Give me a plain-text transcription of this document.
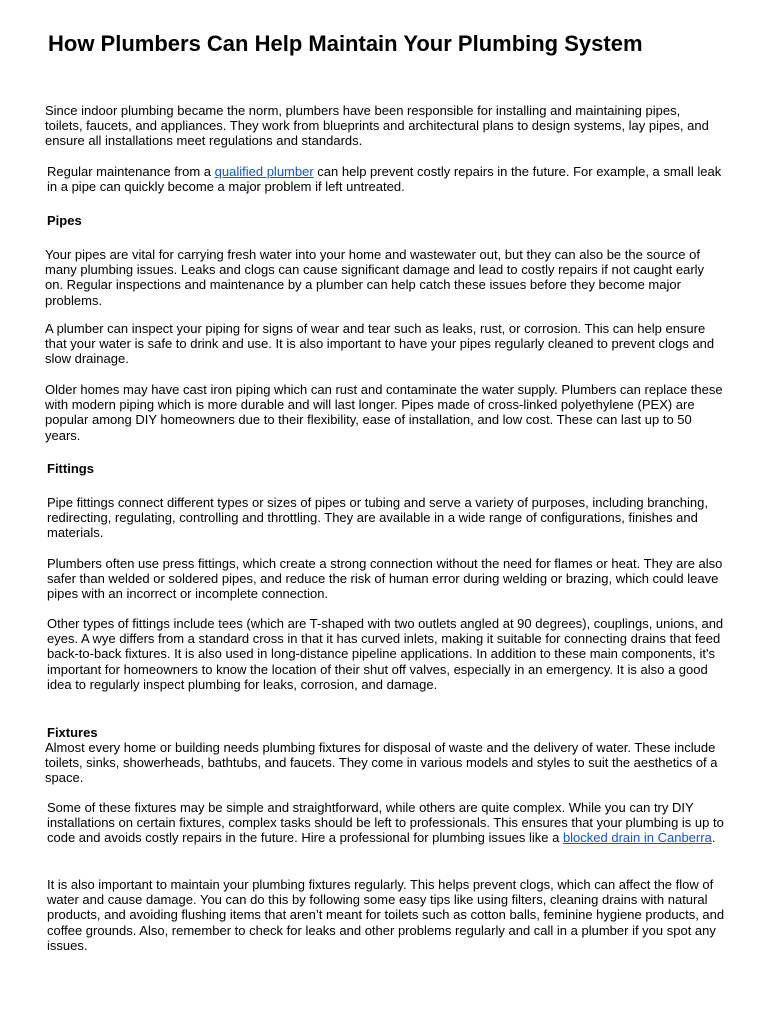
How Plumbers Can Help Maintain Your Plumbing System

Since indoor plumbing became the norm, plumbers have been responsible for installing and maintaining pipes, toilets, faucets, and appliances. They work from blueprints and architectural plans to design systems, lay pipes, and ensure all installations meet regulations and standards.

Regular maintenance from a qualified plumber can help prevent costly repairs in the future. For example, a small leak in a pipe can quickly become a major problem if left untreated.

Pipes

Your pipes are vital for carrying fresh water into your home and wastewater out, but they can also be the source of many plumbing issues. Leaks and clogs can cause significant damage and lead to costly repairs if not caught early on. Regular inspections and maintenance by a plumber can help catch these issues before they become major problems.

A plumber can inspect your piping for signs of wear and tear such as leaks, rust, or corrosion. This can help ensure that your water is safe to drink and use. It is also important to have your pipes regularly cleaned to prevent clogs and slow drainage.

Older homes may have cast iron piping which can rust and contaminate the water supply. Plumbers can replace these with modern piping which is more durable and will last longer. Pipes made of cross-linked polyethylene (PEX) are popular among DIY homeowners due to their flexibility, ease of installation, and low cost. These can last up to 50 years.

Fittings

Pipe fittings connect different types or sizes of pipes or tubing and serve a variety of purposes, including branching, redirecting, regulating, controlling and throttling. They are available in a wide range of configurations, finishes and materials.

Plumbers often use press fittings, which create a strong connection without the need for flames or heat. They are also safer than welded or soldered pipes, and reduce the risk of human error during welding or brazing, which could leave pipes with an incorrect or incomplete connection.

Other types of fittings include tees (which are T-shaped with two outlets angled at 90 degrees), couplings, unions, and eyes. A wye differs from a standard cross in that it has curved inlets, making it suitable for connecting drains that feed back-to-back fixtures. It is also used in long-distance pipeline applications. In addition to these main components, it's important for homeowners to know the location of their shut off valves, especially in an emergency. It is also a good idea to regularly inspect plumbing for leaks, corrosion, and damage.

Fixtures

Almost every home or building needs plumbing fixtures for disposal of waste and the delivery of water. These include toilets, sinks, showerheads, bathtubs, and faucets. They come in various models and styles to suit the aesthetics of a space.

Some of these fixtures may be simple and straightforward, while others are quite complex. While you can try DIY installations on certain fixtures, complex tasks should be left to professionals. This ensures that your plumbing is up to code and avoids costly repairs in the future. Hire a professional for plumbing issues like a blocked drain in Canberra.

It is also important to maintain your plumbing fixtures regularly. This helps prevent clogs, which can affect the flow of water and cause damage. You can do this by following some easy tips like using filters, cleaning drains with natural products, and avoiding flushing items that aren’t meant for toilets such as cotton balls, feminine hygiene products, and coffee grounds. Also, remember to check for leaks and other problems regularly and call in a plumber if you spot any issues.
